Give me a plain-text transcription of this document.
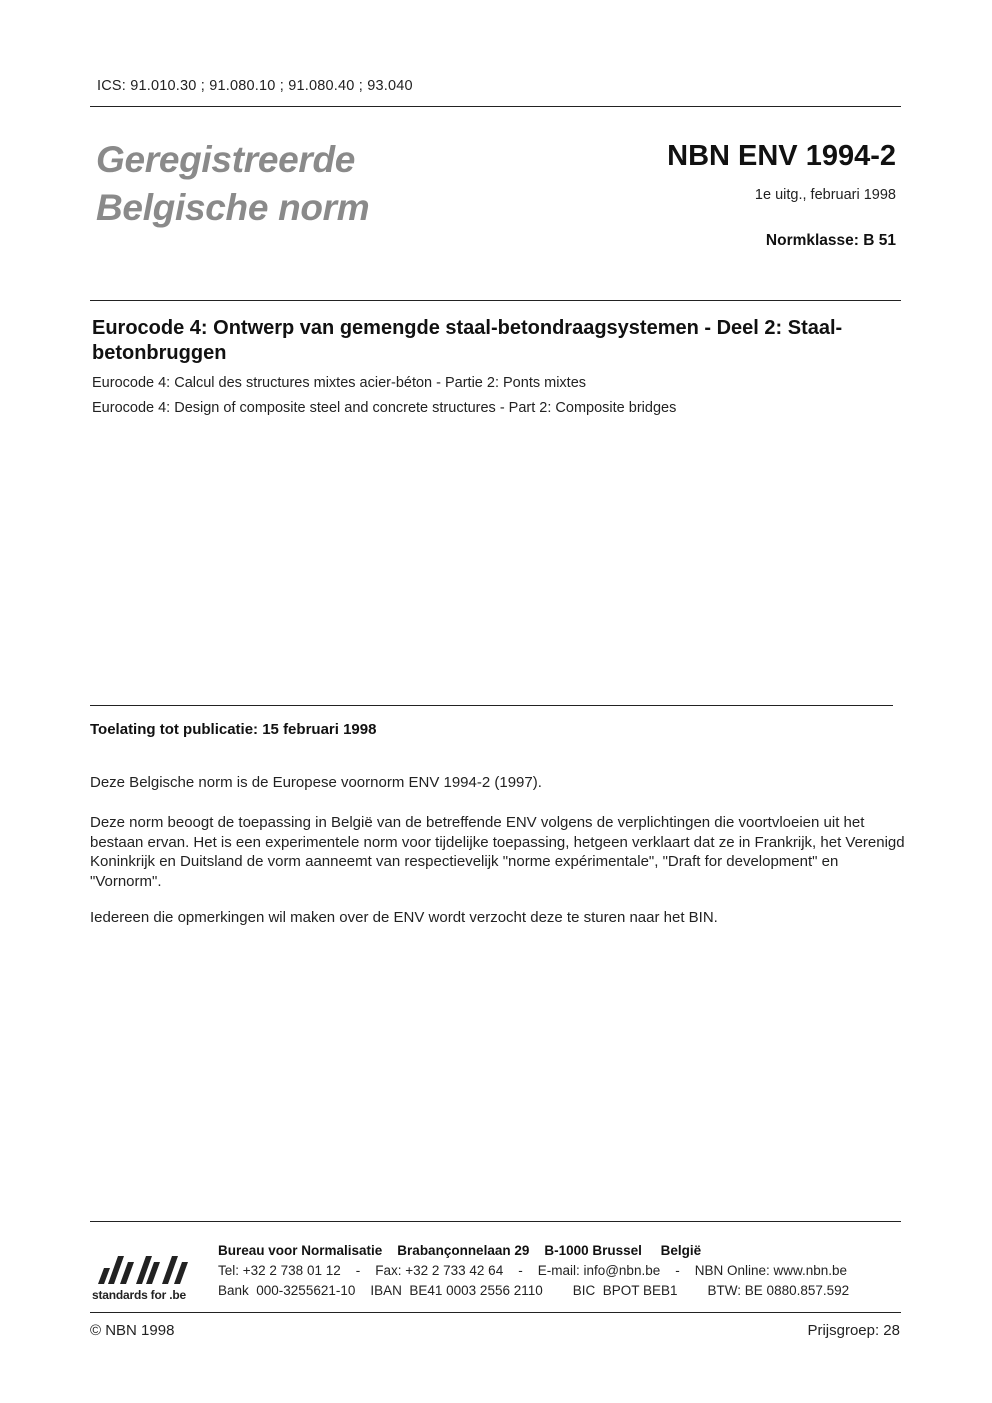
ICS: 91.010.30 ; 91.080.10 ; 91.080.40 ; 93.040
Geregistreerde
Belgische norm
NBN ENV 1994-2
1e uitg., februari 1998
Normklasse: B 51
Eurocode 4: Ontwerp van gemengde staal-betondraagsystemen - Deel 2: Staal-betonbruggen
Eurocode 4: Calcul des structures mixtes acier-béton - Partie 2: Ponts mixtes
Eurocode 4: Design of composite steel and concrete structures - Part 2: Composite bridges
Toelating tot publicatie: 15 februari 1998
Deze Belgische norm is de Europese voornorm ENV 1994-2 (1997).
Deze norm beoogt de toepassing in België van de betreffende ENV volgens de verplichtingen die voortvloeien uit het bestaan ervan. Het is een experimentele norm voor tijdelijke toepassing, hetgeen verklaart dat ze in Frankrijk, het Verenigd Koninkrijk en Duitsland de vorm aanneemt van respectievelijk "norme expérimentale", "Draft for development" en "Vornorm".
Iedereen die opmerkingen wil maken over de ENV wordt verzocht deze te sturen naar het BIN.
standards for .be
Bureau voor Normalisatie    Brabançonnelaan 29    B-1000 Brussel     België
Tel: +32 2 738 01 12    -    Fax: +32 2 733 42 64    -    E-mail: info@nbn.be    -    NBN Online: www.nbn.be
Bank  000-3255621-10    IBAN  BE41 0003 2556 2110        BIC  BPOT BEB1        BTW: BE 0880.857.592
© NBN 1998	Prijsgroep: 28
